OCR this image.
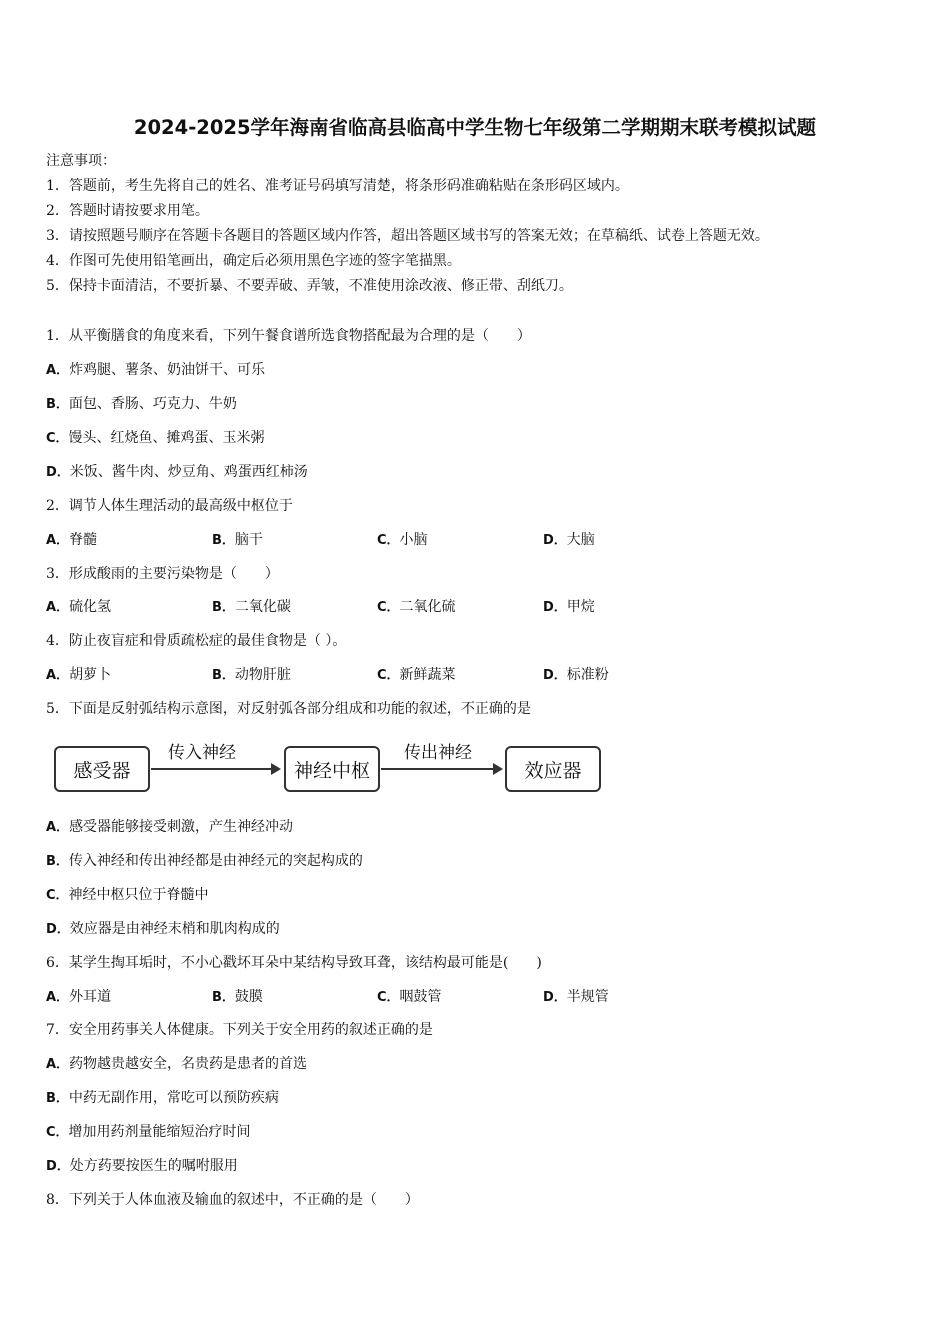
2024-2025学年海南省临高县临高中学生物七年级第二学期期末联考模拟试题
注意事项：
1．答题前，考生先将自己的姓名、准考证号码填写清楚，将条形码准确粘贴在条形码区域内。
2．答题时请按要求用笔。
3．请按照题号顺序在答题卡各题目的答题区域内作答，超出答题区域书写的答案无效；在草稿纸、试卷上答题无效。
4．作图可先使用铅笔画出，确定后必须用黑色字迹的签字笔描黑。
5．保持卡面清洁，不要折暴、不要弄破、弄皱，不准使用涂改液、修正带、刮纸刀。
1．从平衡膳食的角度来看，下列午餐食谱所选食物搭配最为合理的是（　　）
A．炸鸡腿、薯条、奶油饼干、可乐
B．面包、香肠、巧克力、牛奶
C．馒头、红烧鱼、摊鸡蛋、玉米粥
D．米饭、酱牛肉、炒豆角、鸡蛋西红柿汤
2．调节人体生理活动的最高级中枢位于
A．脊髓	B．脑干	C．小脑	D．大脑
3．形成酸雨的主要污染物是（　　）
A．硫化氢	B．二氧化碳	C．二氧化硫	D．甲烷
4．防止夜盲症和骨质疏松症的最佳食物是（ ）。
A．胡萝卜	B．动物肝脏	C．新鲜蔬菜	D．标准粉
5．下面是反射弧结构示意图，对反射弧各部分组成和功能的叙述，不正确的是
感受器
传入神经
神经中枢
传出神经
效应器
A．感受器能够接受刺激，产生神经冲动
B．传入神经和传出神经都是由神经元的突起构成的
C．神经中枢只位于脊髓中
D．效应器是由神经末梢和肌肉构成的
6．某学生掏耳垢时，不小心戳坏耳朵中某结构导致耳聋，该结构最可能是(　　)
A．外耳道	B．鼓膜	C．咽鼓管	D．半规管
7．安全用药事关人体健康。下列关于安全用药的叙述正确的是
A．药物越贵越安全，名贵药是患者的首选
B．中药无副作用，常吃可以预防疾病
C．增加用药剂量能缩短治疗时间
D．处方药要按医生的嘱咐服用
8．下列关于人体血液及输血的叙述中，不正确的是（　　）
